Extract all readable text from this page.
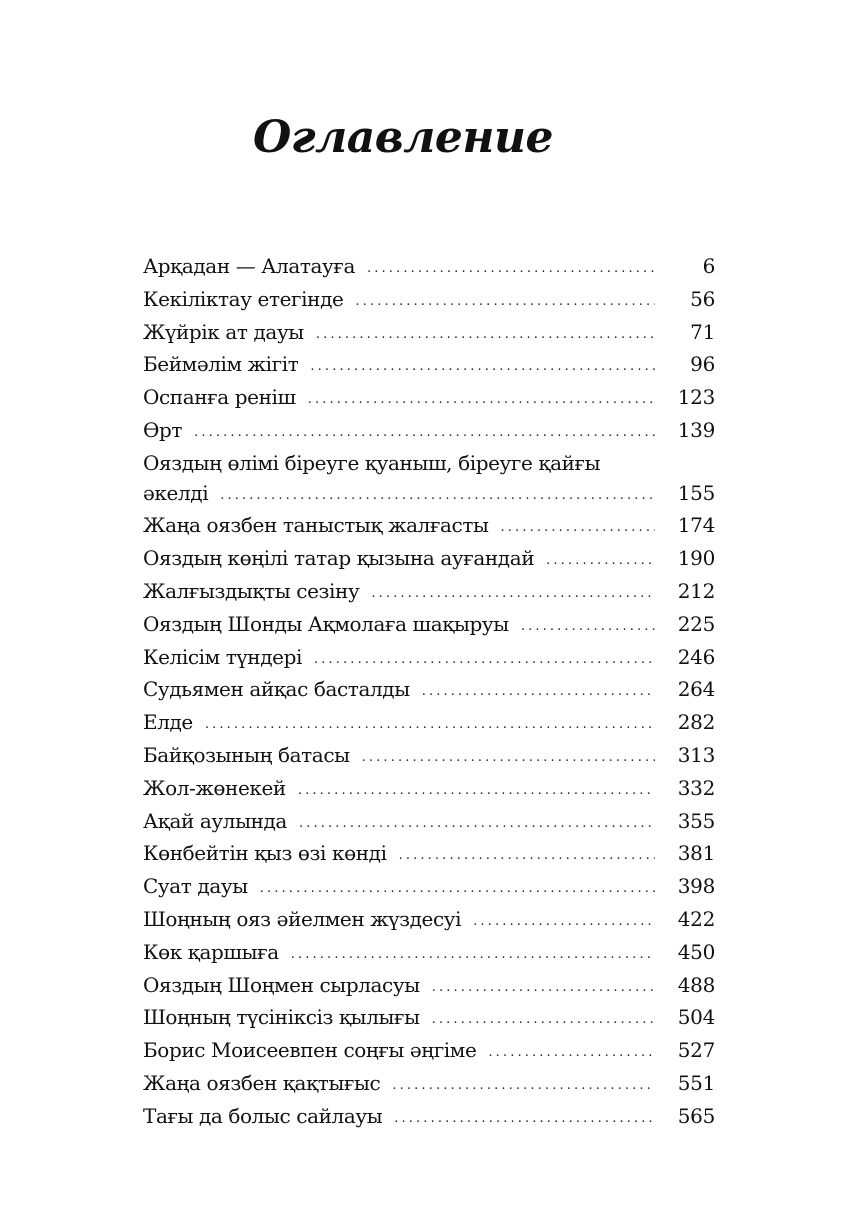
Оглавление
Арқадан — Алатауға . . .	6
Кекіліктау етегінде . . .	56
Жүйрік ат дауы . . .	71
Беймәлім жігіт . . .	96
Оспанға реніш . . .	123
Өрт . . .	139
Ояздың өлімі біреуге қуаныш, біреуге қайғы
әкелді . . .	155
Жаңа оязбен таныстық жалғасты . . .	174
Ояздың көңілі татар қызына ауғандай . . .	190
Жалғыздықты сезіну . . .	212
Ояздың Шонды Ақмолаға шақыруы . . .	225
Келісім түндері . . .	246
Судьямен айқас басталды . . .	264
Елде . . .	282
Байқозының батасы . . .	313
Жол-жөнекей . . .	332
Ақай аулында . . .	355
Көнбейтін қыз өзі көнді . . .	381
Суат дауы . . .	398
Шоңның ояз әйелмен жүздесуі . . .	422
Көк қаршыға . . .	450
Ояздың Шоңмен сырласуы . . .	488
Шоңның түсініксіз қылығы . . .	504
Борис Моисеевпен соңғы әңгіме . . .	527
Жаңа оязбен қақтығыс . . .	551
Тағы да болыс сайлауы . . .	565
